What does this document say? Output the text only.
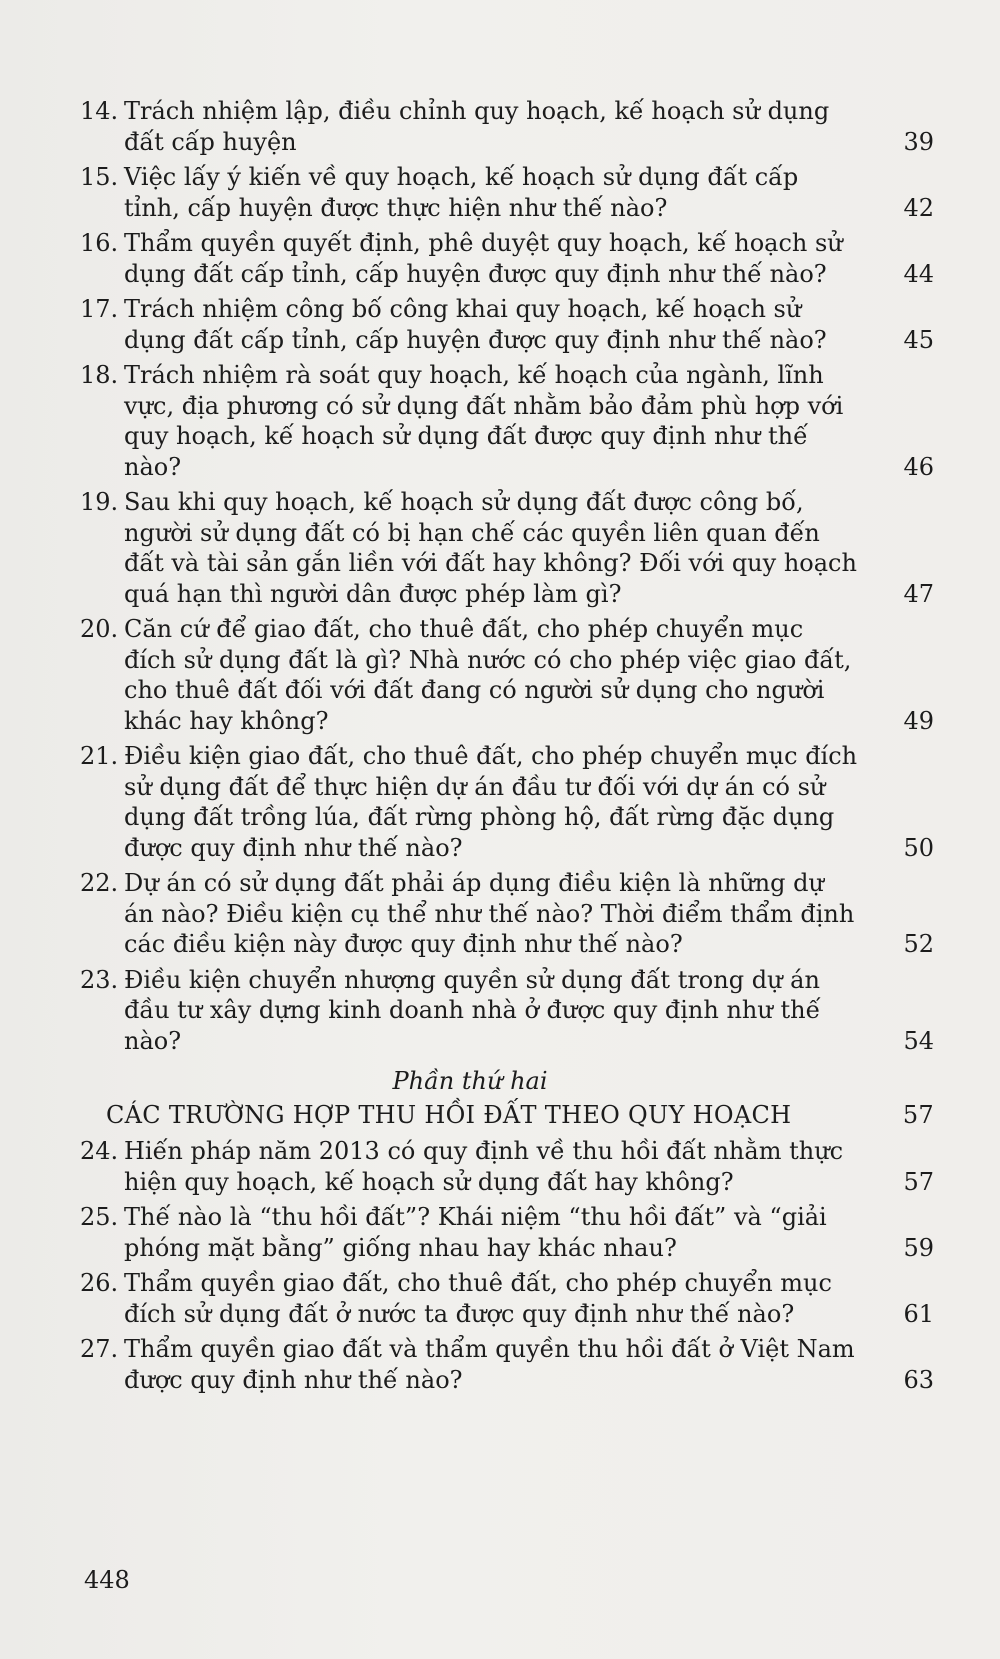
14. Trách nhiệm lập, điều chỉnh quy hoạch, kế hoạch sử dụng đất cấp huyện	39
15. Việc lấy ý kiến về quy hoạch, kế hoạch sử dụng đất cấp tỉnh, cấp huyện được thực hiện như thế nào?	42
16. Thẩm quyền quyết định, phê duyệt quy hoạch, kế hoạch sử dụng đất cấp tỉnh, cấp huyện được quy định như thế nào?	44
17. Trách nhiệm công bố công khai quy hoạch, kế hoạch sử dụng đất cấp tỉnh, cấp huyện được quy định như thế nào?	45
18. Trách nhiệm rà soát quy hoạch, kế hoạch của ngành, lĩnh vực, địa phương có sử dụng đất nhằm bảo đảm phù hợp với quy hoạch, kế hoạch sử dụng đất được quy định như thế nào?	46
19. Sau khi quy hoạch, kế hoạch sử dụng đất được công bố, người sử dụng đất có bị hạn chế các quyền liên quan đến đất và tài sản gắn liền với đất hay không? Đối với quy hoạch quá hạn thì người dân được phép làm gì?	47
20. Căn cứ để giao đất, cho thuê đất, cho phép chuyển mục đích sử dụng đất là gì? Nhà nước có cho phép việc giao đất, cho thuê đất đối với đất đang có người sử dụng cho người khác hay không?	49
21. Điều kiện giao đất, cho thuê đất, cho phép chuyển mục đích sử dụng đất để thực hiện dự án đầu tư đối với dự án có sử dụng đất trồng lúa, đất rừng phòng hộ, đất rừng đặc dụng được quy định như thế nào?	50
22. Dự án có sử dụng đất phải áp dụng điều kiện là những dự án nào? Điều kiện cụ thể như thế nào? Thời điểm thẩm định các điều kiện này được quy định như thế nào?	52
23. Điều kiện chuyển nhượng quyền sử dụng đất trong dự án đầu tư xây dựng kinh doanh nhà ở được quy định như thế nào?	54
Phần thứ hai
CÁC TRƯỜNG HỢP THU HỒI ĐẤT THEO QUY HOẠCH	57
24. Hiến pháp năm 2013 có quy định về thu hồi đất nhằm thực hiện quy hoạch, kế hoạch sử dụng đất hay không?	57
25. Thế nào là “thu hồi đất”? Khái niệm “thu hồi đất” và “giải phóng mặt bằng” giống nhau hay khác nhau?	59
26. Thẩm quyền giao đất, cho thuê đất, cho phép chuyển mục đích sử dụng đất ở nước ta được quy định như thế nào?	61
27. Thẩm quyền giao đất và thẩm quyền thu hồi đất ở Việt Nam được quy định như thế nào?	63
448
